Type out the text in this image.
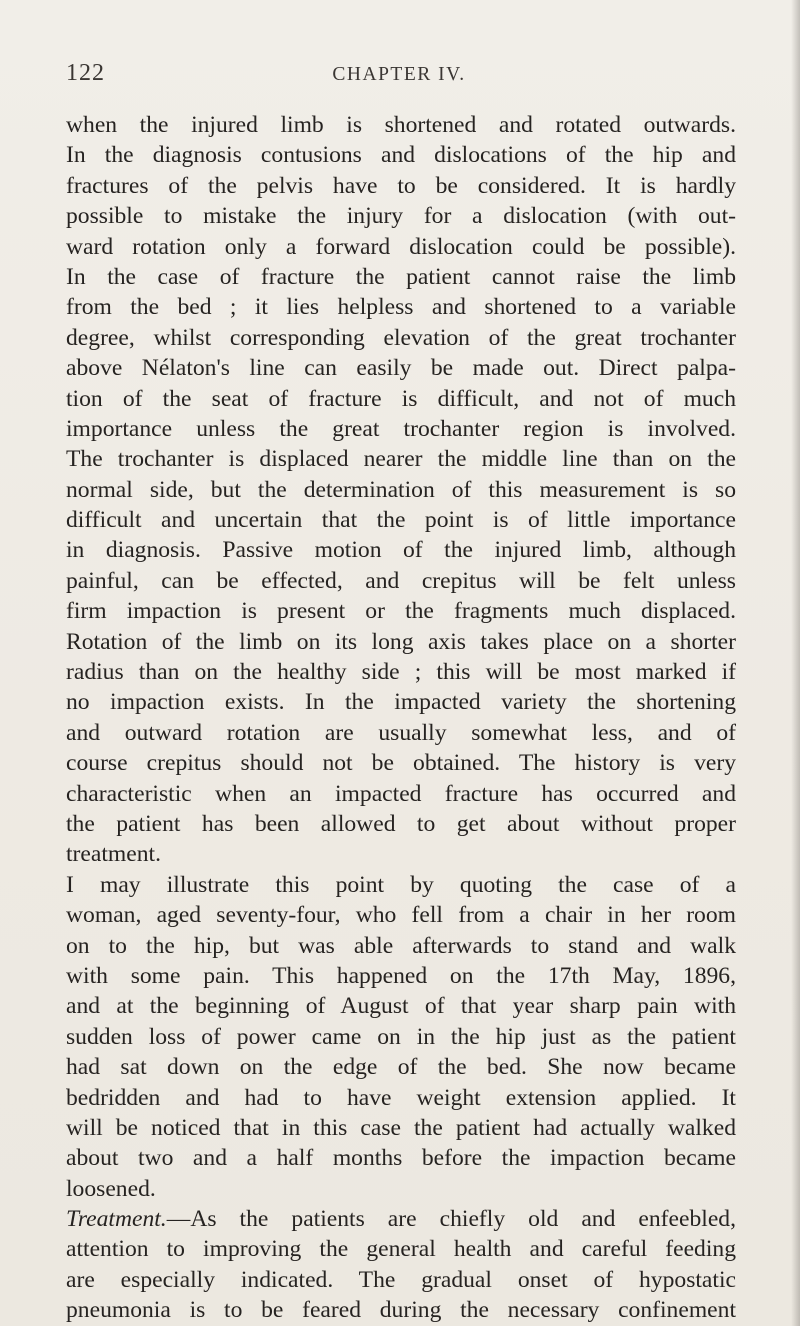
122	CHAPTER IV.
when the injured limb is shortened and rotated outwards.
In the diagnosis contusions and dislocations of the hip and
fractures of the pelvis have to be considered. It is hardly
possible to mistake the injury for a dislocation (with out-
ward rotation only a forward dislocation could be possible).
In the case of fracture the patient cannot raise the limb
from the bed ; it lies helpless and shortened to a variable
degree, whilst corresponding elevation of the great trochanter
above Nélaton's line can easily be made out. Direct palpa-
tion of the seat of fracture is difficult, and not of much
importance unless the great trochanter region is involved.
The trochanter is displaced nearer the middle line than on the
normal side, but the determination of this measurement is so
difficult and uncertain that the point is of little importance
in diagnosis. Passive motion of the injured limb, although
painful, can be effected, and crepitus will be felt unless
firm impaction is present or the fragments much displaced.
Rotation of the limb on its long axis takes place on a shorter
radius than on the healthy side ; this will be most marked if
no impaction exists. In the impacted variety the shortening
and outward rotation are usually somewhat less, and of
course crepitus should not be obtained. The history is very
characteristic when an impacted fracture has occurred and
the patient has been allowed to get about without proper
treatment.
I may illustrate this point by quoting the case of a
woman, aged seventy-four, who fell from a chair in her room
on to the hip, but was able afterwards to stand and walk
with some pain. This happened on the 17th May, 1896,
and at the beginning of August of that year sharp pain with
sudden loss of power came on in the hip just as the patient
had sat down on the edge of the bed. She now became
bedridden and had to have weight extension applied. It
will be noticed that in this case the patient had actually walked
about two and a half months before the impaction became
loosened.
Treatment.—As the patients are chiefly old and enfeebled,
attention to improving the general health and careful feeding
are especially indicated. The gradual onset of hypostatic
pneumonia is to be feared during the necessary confinement
